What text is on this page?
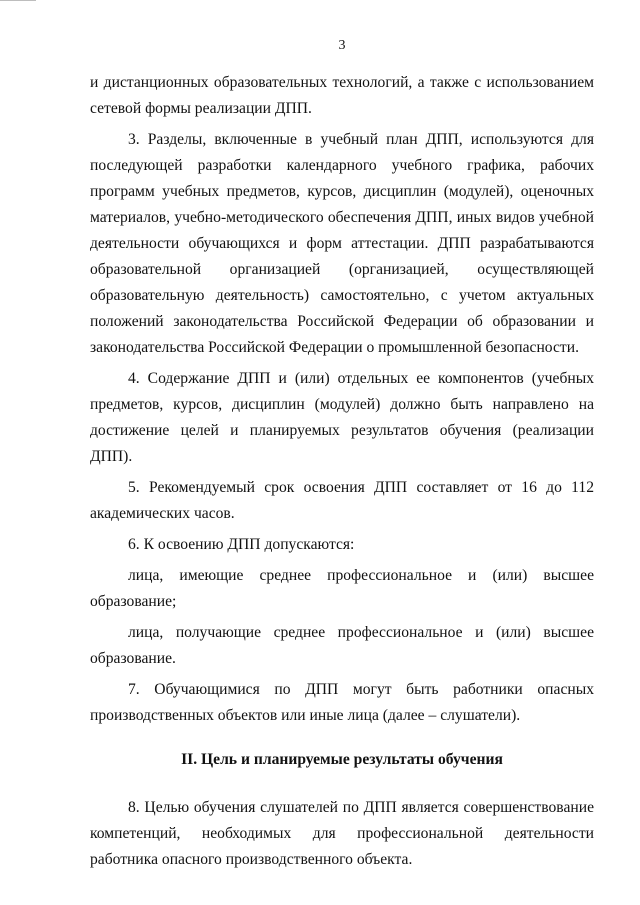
3

и дистанционных образовательных технологий, а также с использованием сетевой формы реализации ДПП.

3. Разделы, включенные в учебный план ДПП, используются для последующей разработки календарного учебного графика, рабочих программ учебных предметов, курсов, дисциплин (модулей), оценочных материалов, учебно-методического обеспечения ДПП, иных видов учебной деятельности обучающихся и форм аттестации. ДПП разрабатываются образовательной организацией (организацией, осуществляющей образовательную деятельность) самостоятельно, с учетом актуальных положений законодательства Российской Федерации об образовании и законодательства Российской Федерации о промышленной безопасности.

4. Содержание ДПП и (или) отдельных ее компонентов (учебных предметов, курсов, дисциплин (модулей) должно быть направлено на достижение целей и планируемых результатов обучения (реализации ДПП).

5. Рекомендуемый срок освоения ДПП составляет от 16 до 112 академических часов.

6. К освоению ДПП допускаются:

лица, имеющие среднее профессиональное и (или) высшее образование;

лица, получающие среднее профессиональное и (или) высшее образование.

7. Обучающимися по ДПП могут быть работники опасных производственных объектов или иные лица (далее – слушатели).

II. Цель и планируемые результаты обучения

8. Целью обучения слушателей по ДПП является совершенствование компетенций, необходимых для профессиональной деятельности работника опасного производственного объекта.
